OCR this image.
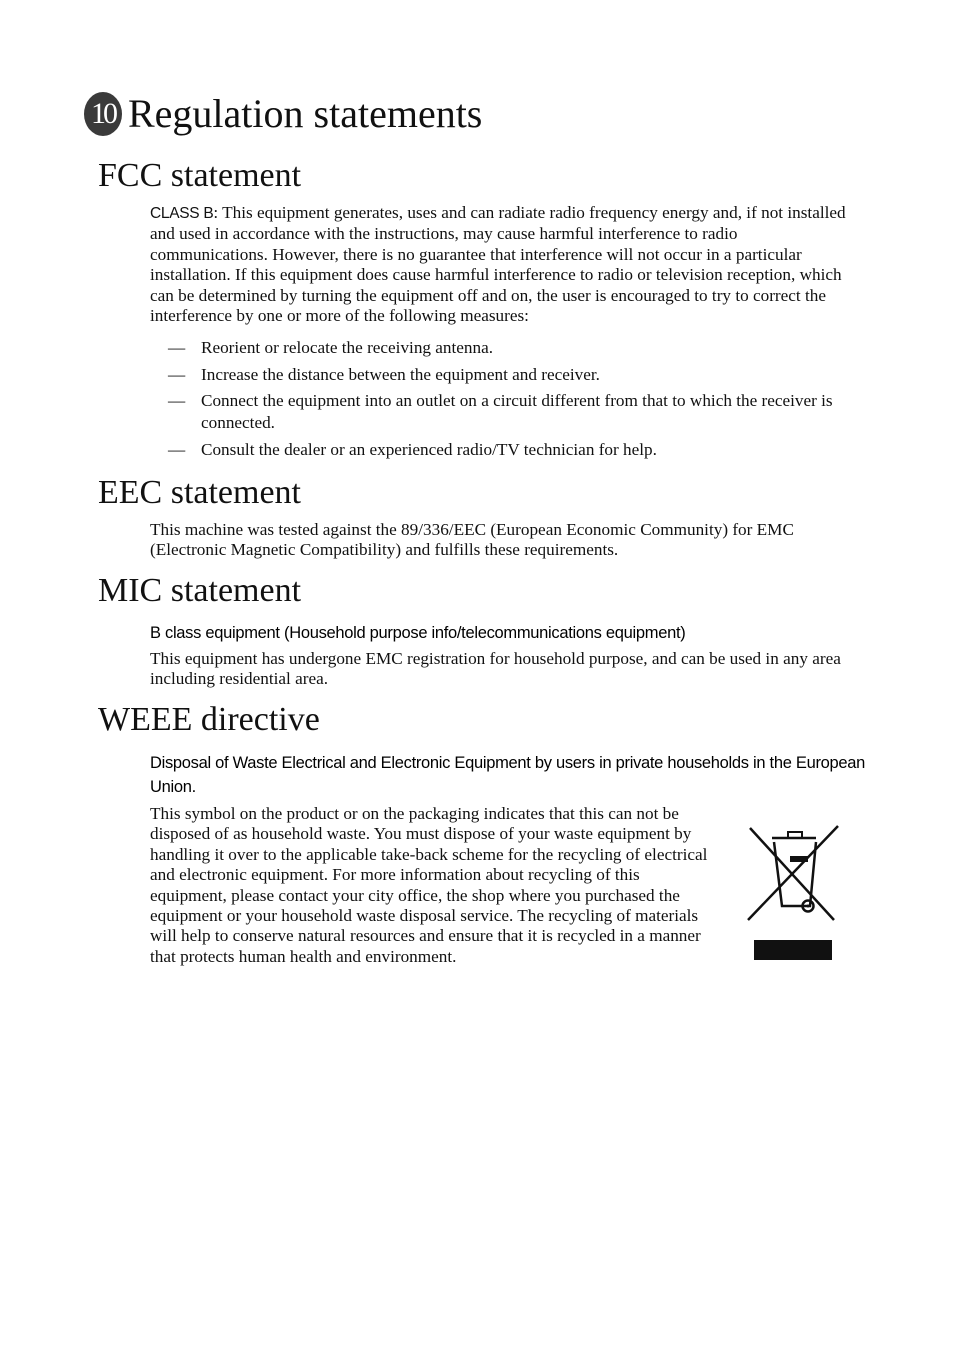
10 Regulation statements
FCC statement

CLASS B: This equipment generates, uses and can radiate radio frequency energy and, if not installed and used in accordance with the instructions, may cause harmful interference to radio communications. However, there is no guarantee that interference will not occur in a particular installation. If this equipment does cause harmful interference to radio or television reception, which can be determined by turning the equipment off and on, the user is encouraged to try to correct the interference by one or more of the following measures:

— Reorient or relocate the receiving antenna.
— Increase the distance between the equipment and receiver.
— Connect the equipment into an outlet on a circuit different from that to which the receiver is connected.
— Consult the dealer or an experienced radio/TV technician for help.
EEC statement

This machine was tested against the 89/336/EEC (European Economic Community) for EMC (Electronic Magnetic Compatibility) and fulfills these requirements.

MIC statement

B class equipment (Household purpose info/telecommunications equipment)

This equipment has undergone EMC registration for household purpose, and can be used in any area including residential area.

WEEE directive

Disposal of Waste Electrical and Electronic Equipment by users in private households in the European Union.

This symbol on the product or on the packaging indicates that this can not be disposed of as household waste. You must dispose of your waste equipment by handling it over to the applicable take-back scheme for the recycling of electrical and electronic equipment. For more information about recycling of this equipment, please contact your city office, the shop where you purchased the equipment or your household waste disposal service. The recycling of materials will help to conserve natural resources and ensure that it is recycled in a manner that protects human health and environment.
